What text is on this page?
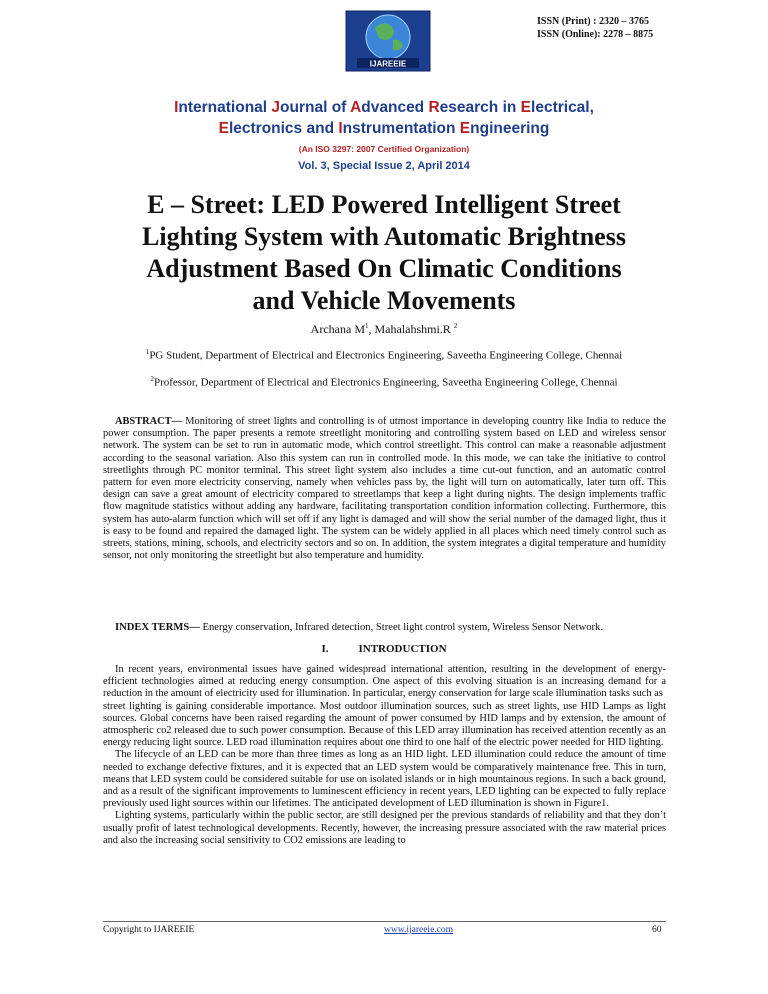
IJAREEIE
ISSN (Print) : 2320 – 3765
ISSN (Online): 2278 – 8875
International Journal of Advanced Research in Electrical,
Electronics and Instrumentation Engineering
(An ISO 3297: 2007 Certified Organization)
Vol. 3, Special Issue 2, April 2014
E – Street: LED Powered Intelligent Street
Lighting System with Automatic Brightness
Adjustment Based On Climatic Conditions
and Vehicle Movements
Archana $M^1$, Mahalahshmi.R $^2$
$^1$PG Student, Department of Electrical and Electronics Engineering, Saveetha Engineering College, Chennai
$^2$Professor, Department of Electrical and Electronics Engineering, Saveetha Engineering College, Chennai
ABSTRACT— Monitoring of street lights and controlling is of utmost importance in developing country like India to reduce the power consumption. The paper presents a remote streetlight monitoring and controlling system based on LED and wireless sensor network. The system can be set to run in automatic mode, which control streetlight. This control can make a reasonable adjustment according to the seasonal variation. Also this system can run in controlled mode. In this mode, we can take the initiative to control streetlights through PC monitor terminal. This street light system also includes a time cut-out function, and an automatic control pattern for even more electricity conserving, namely when vehicles pass by, the light will turn on automatically, later turn off. This design can save a great amount of electricity compared to streetlamps that keep a light during nights. The design implements traffic flow magnitude statistics without adding any hardware, facilitating transportation condition information collecting. Furthermore, this system has auto-alarm function which will set off if any light is damaged and will show the serial number of the damaged light, thus it is easy to be found and repaired the damaged light. The system can be widely applied in all places which need timely control such as streets, stations, mining, schools, and electricity sectors and so on. In addition, the system integrates a digital temperature and humidity sensor, not only monitoring the streetlight but also temperature and humidity.
INDEX TERMS— Energy conservation, Infrared detection, Street light control system, Wireless Sensor Network.
I.	INTRODUCTION
In recent years, environmental issues have gained widespread international attention, resulting in the development of energy-efficient technologies aimed at reducing energy consumption. One aspect of this evolving situation is an increasing demand for a reduction in the amount of electricity used for illumination. In particular, energy conservation for large scale illumination tasks such as
street lighting is gaining considerable importance. Most outdoor illumination sources, such as street lights, use HID Lamps as light sources. Global concerns have been raised regarding the amount of power consumed by HID lamps and by extension, the amount of atmospheric co2 released due to such power consumption. Because of this LED array illumination has received attention recently as an energy reducing light source. LED road illumination requires about one third to one half of the electric power needed for HID lighting.
The lifecycle of an LED can be more than three times as long as an HID light. LED illumination could reduce the amount of time needed to exchange defective fixtures, and it is expected that an LED system would be comparatively maintenance free. This in turn, means that LED system could be considered suitable for use on isolated islands or in high mountainous regions. In such a back ground, and as a result of the significant improvements to luminescent efficiency in recent years, LED lighting can be expected to fully replace previously used light sources within our lifetimes. The anticipated development of LED illumination is shown in Figure1.
Lighting systems, particularly within the public sector, are still designed per the previous standards of reliability and that they don’t usually profit of latest technological developments. Recently, however, the increasing pressure associated with the raw material prices and also the increasing social sensitivity to CO2 emissions are leading to
Copyright to IJAREEIE	www.ijareeie.com	60
